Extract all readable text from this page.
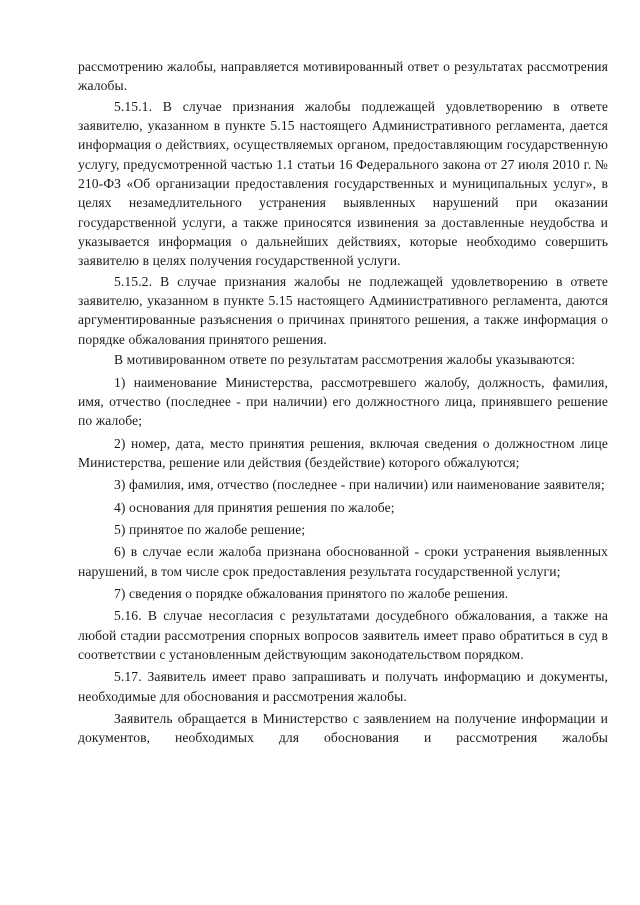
рассмотрению жалобы, направляется мотивированный ответ о результатах рассмотрения жалобы.

5.15.1. В случае признания жалобы подлежащей удовлетворению в ответе заявителю, указанном в пункте 5.15 настоящего Административного регламента, дается информация о действиях, осуществляемых органом, предоставляющим государственную услугу, предусмотренной частью 1.1 статьи 16 Федерального закона от 27 июля 2010 г. № 210-ФЗ «Об организации предоставления государственных и муниципальных услуг», в целях незамедлительного устранения выявленных нарушений при оказании государственной услуги, а также приносятся извинения за доставленные неудобства и указывается информация о дальнейших действиях, которые необходимо совершить заявителю в целях получения государственной услуги.

5.15.2. В случае признания жалобы не подлежащей удовлетворению в ответе заявителю, указанном в пункте 5.15 настоящего Административного регламента, даются аргументированные разъяснения о причинах принятого решения, а также информация о порядке обжалования принятого решения.

В мотивированном ответе по результатам рассмотрения жалобы указываются:

1) наименование Министерства, рассмотревшего жалобу, должность, фамилия, имя, отчество (последнее - при наличии) его должностного лица, принявшего решение по жалобе;

2) номер, дата, место принятия решения, включая сведения о должностном лице Министерства, решение или действия (бездействие) которого обжалуются;

3) фамилия, имя, отчество (последнее - при наличии) или наименование заявителя;

4) основания для принятия решения по жалобе;

5) принятое по жалобе решение;

6) в случае если жалоба признана обоснованной - сроки устранения выявленных нарушений, в том числе срок предоставления результата государственной услуги;

7) сведения о порядке обжалования принятого по жалобе решения.

5.16. В случае несогласия с результатами досудебного обжалования, а также на любой стадии рассмотрения спорных вопросов заявитель имеет право обратиться в суд в соответствии с установленным действующим законодательством порядком.

5.17. Заявитель имеет право запрашивать и получать информацию и документы, необходимые для обоснования и рассмотрения жалобы.

Заявитель обращается в Министерство с заявлением на получение информации и документов, необходимых для обоснования и рассмотрения жалобы
